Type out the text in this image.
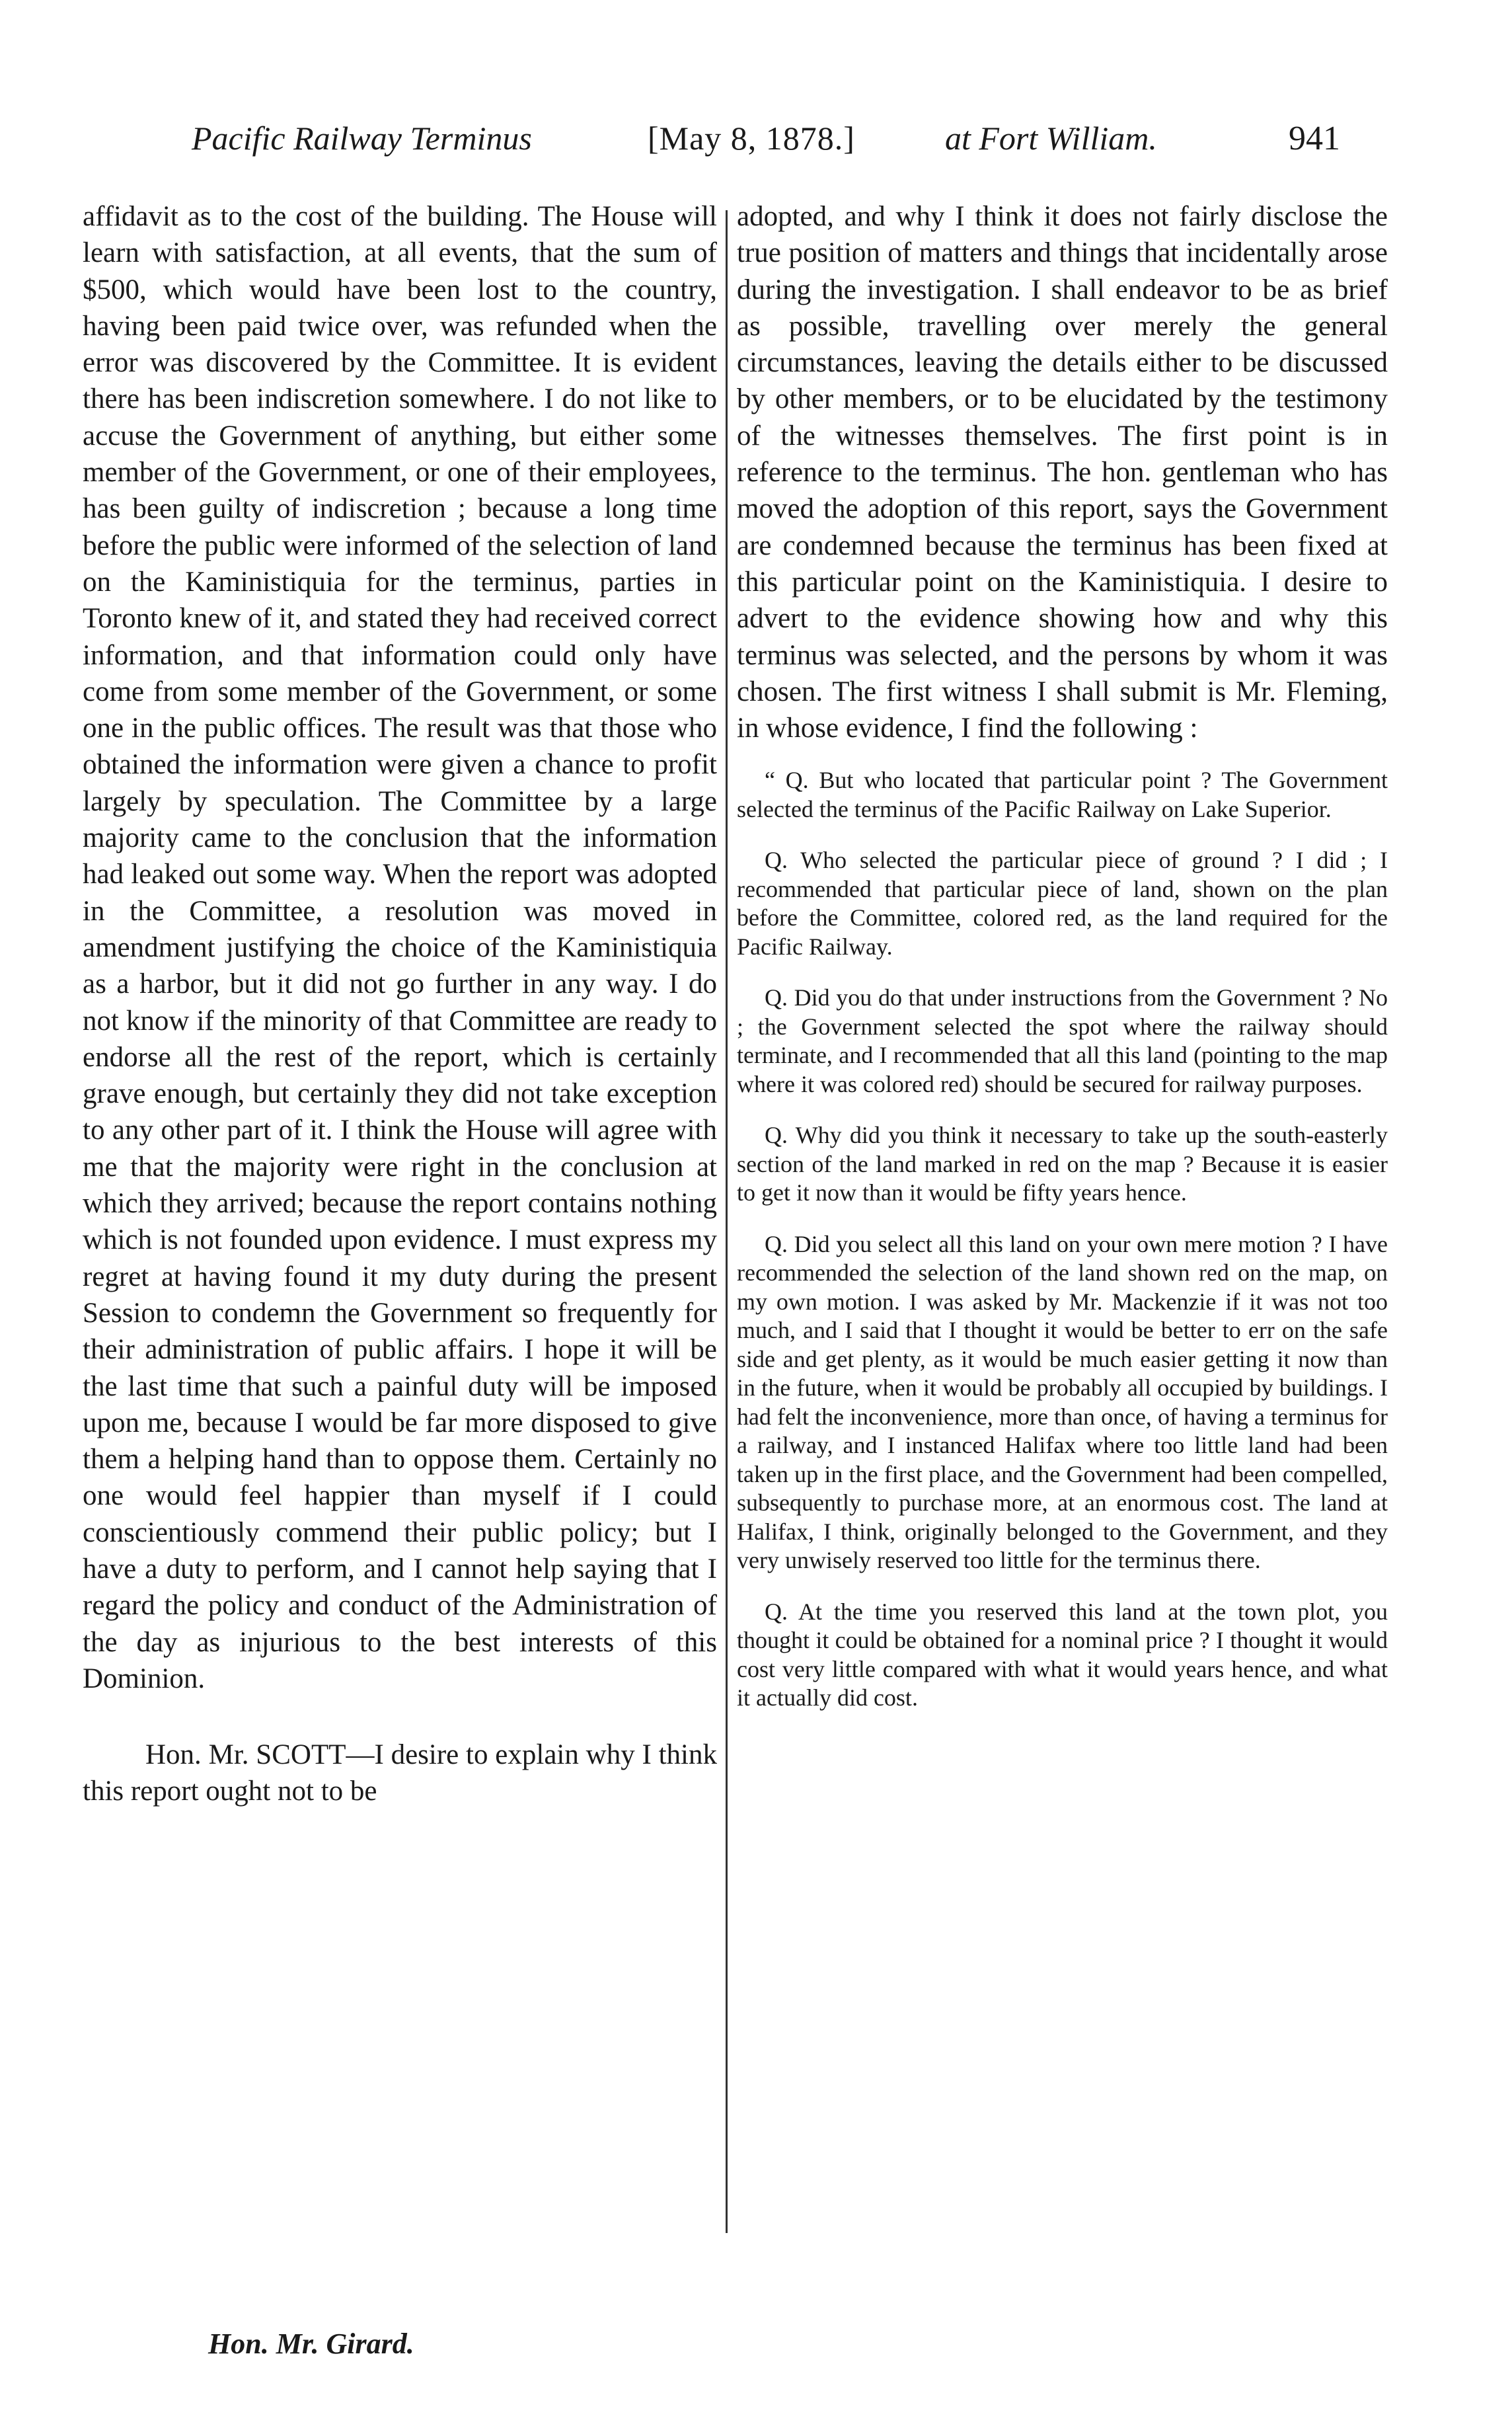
Pacific Railway Terminus	[May 8, 1878.]	at Fort William.	941

affidavit as to the cost of the building. The House will learn with satisfaction, at all events, that the sum of $500, which would have been lost to the country, having been paid twice over, was refunded when the error was discovered by the Committee. It is evident there has been indiscretion somewhere. I do not like to accuse the Government of anything, but either some member of the Government, or one of their employees, has been guilty of indiscretion ; because a long time before the public were informed of the selection of land on the Kaministiquia for the terminus, parties in Toronto knew of it, and stated they had received correct information, and that information could only have come from some member of the Government, or some one in the public offices. The result was that those who obtained the information were given a chance to profit largely by speculation. The Committee by a large majority came to the conclusion that the information had leaked out some way. When the report was adopted in the Committee, a resolution was moved in amendment justifying the choice of the Kaministiquia as a harbor, but it did not go further in any way. I do not know if the minority of that Committee are ready to endorse all the rest of the report, which is certainly grave enough, but certainly they did not take exception to any other part of it. I think the House will agree with me that the majority were right in the conclusion at which they arrived; because the report contains nothing which is not founded upon evidence. I must express my regret at having found it my duty during the present Session to condemn the Government so frequently for their administration of public affairs. I hope it will be the last time that such a painful duty will be imposed upon me, because I would be far more disposed to give them a helping hand than to oppose them. Certainly no one would feel happier than myself if I could conscientiously commend their public policy; but I have a duty to perform, and I cannot help saying that I regard the policy and conduct of the Administration of the day as injurious to the best interests of this Dominion.

Hon. Mr. SCOTT—I desire to explain why I think this report ought not to be

Hon. Mr. Girard.

adopted, and why I think it does not fairly disclose the true position of matters and things that incidentally arose during the investigation. I shall endeavor to be as brief as possible, travelling over merely the general circumstances, leaving the details either to be discussed by other members, or to be elucidated by the testimony of the witnesses themselves. The first point is in reference to the terminus. The hon. gentleman who has moved the adoption of this report, says the Government are condemned because the terminus has been fixed at this particular point on the Kaministiquia. I desire to advert to the evidence showing how and why this terminus was selected, and the persons by whom it was chosen. The first witness I shall submit is Mr. Fleming, in whose evidence, I find the following :

“ Q. But who located that particular point ? The Government selected the terminus of the Pacific Railway on Lake Superior.

Q. Who selected the particular piece of ground ? I did ; I recommended that particular piece of land, shown on the plan before the Committee, colored red, as the land required for the Pacific Railway.

Q. Did you do that under instructions from the Government ? No ; the Government selected the spot where the railway should terminate, and I recommended that all this land (pointing to the map where it was colored red) should be secured for railway purposes.

Q. Why did you think it necessary to take up the south-easterly section of the land marked in red on the map ? Because it is easier to get it now than it would be fifty years hence.

Q. Did you select all this land on your own mere motion ? I have recommended the selection of the land shown red on the map, on my own motion. I was asked by Mr. Mackenzie if it was not too much, and I said that I thought it would be better to err on the safe side and get plenty, as it would be much easier getting it now than in the future, when it would be probably all occupied by buildings. I had felt the inconvenience, more than once, of having a terminus for a railway, and I instanced Halifax where too little land had been taken up in the first place, and the Government had been compelled, subsequently to purchase more, at an enormous cost. The land at Halifax, I think, originally belonged to the Government, and they very unwisely reserved too little for the terminus there.

Q. At the time you reserved this land at the town plot, you thought it could be obtained for a nominal price ? I thought it would cost very little compared with what it would years hence, and what it actually did cost.
